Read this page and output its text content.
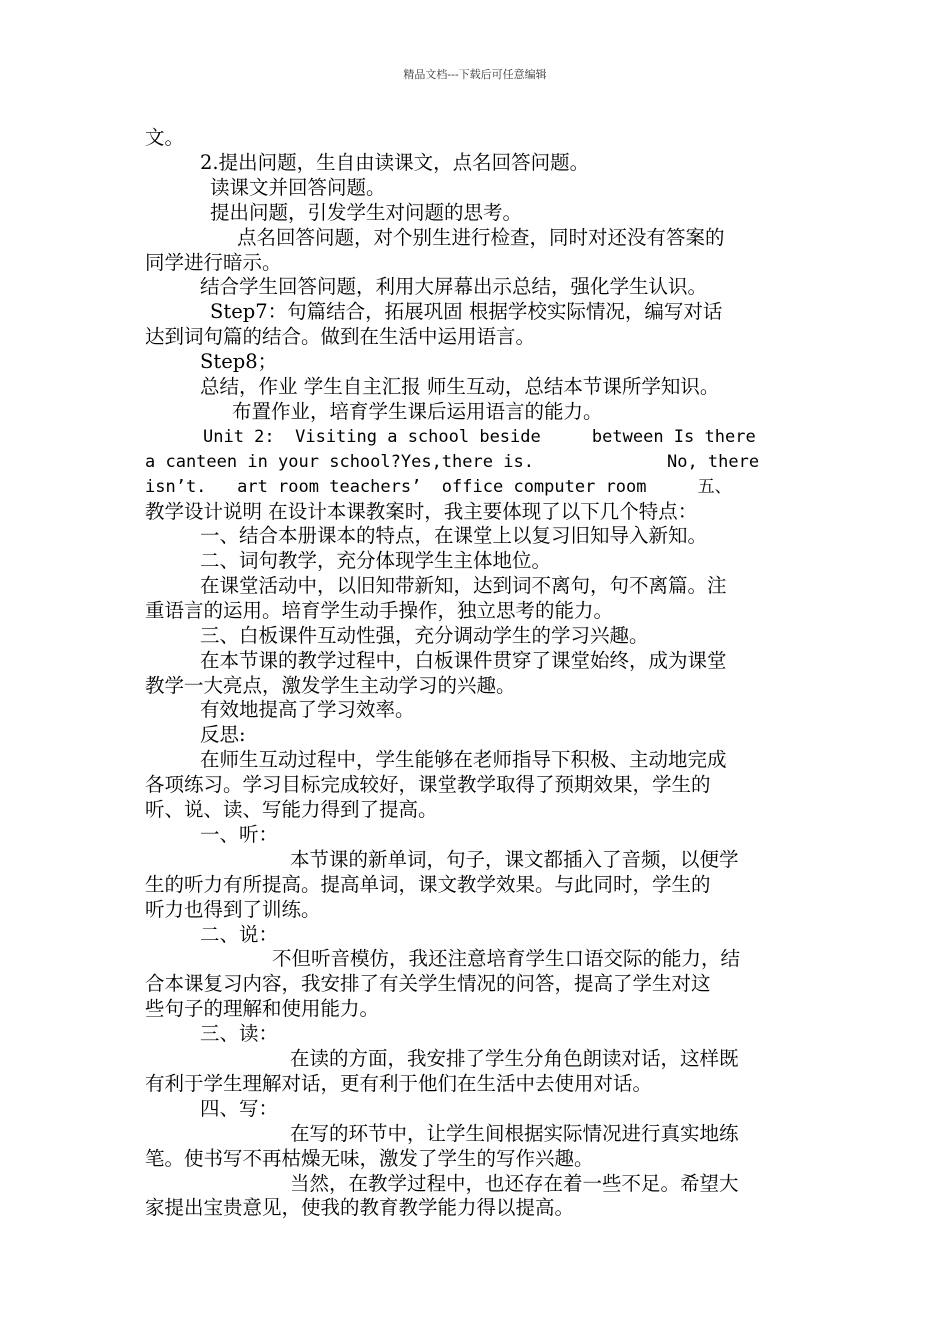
精品文档---下载后可任意编辑
文。
2.提出问题，生自由读课文，点名回答问题。
读课文并回答问题。
提出问题，引发学生对问题的思考。
点名回答问题，对个别生进行检查，同时对还没有答案的
同学进行暗示。
结合学生回答问题，利用大屏幕出示总结，强化学生认识。
Step7：句篇结合，拓展巩固 根据学校实际情况，编写对话
达到词句篇的结合。做到在生活中运用语言。
Step8；
总结，作业 学生自主汇报 师生互动，总结本节课所学知识。
布置作业，培育学生课后运用语言的能力。
Unit 2:  Visiting a school beside     between Is there
a canteen in your school?Yes,there is.             No, there
isn’t.   art room teachers’  office computer room     五、
教学设计说明 在设计本课教案时，我主要体现了以下几个特点：
一、结合本册课本的特点，在课堂上以复习旧知导入新知。
二、词句教学，充分体现学生主体地位。
在课堂活动中，以旧知带新知，达到词不离句，句不离篇。注
重语言的运用。培育学生动手操作，独立思考的能力。
三、白板课件互动性强，充分调动学生的学习兴趣。
在本节课的教学过程中，白板课件贯穿了课堂始终，成为课堂
教学一大亮点，激发学生主动学习的兴趣。
有效地提高了学习效率。
反思:
在师生互动过程中，学生能够在老师指导下积极、主动地完成
各项练习。学习目标完成较好，课堂教学取得了预期效果，学生的
听、说、读、写能力得到了提高。
一、听：
本节课的新单词，句子，课文都插入了音频，以便学
生的听力有所提高。提高单词，课文教学效果。与此同时，学生的
听力也得到了训练。
二、说：
不但听音模仿，我还注意培育学生口语交际的能力，结
合本课复习内容，我安排了有关学生情况的问答，提高了学生对这
些句子的理解和使用能力。
三、读：
在读的方面，我安排了学生分角色朗读对话，这样既
有利于学生理解对话，更有利于他们在生活中去使用对话。
四、写：
在写的环节中，让学生间根据实际情况进行真实地练
笔。使书写不再枯燥无味，激发了学生的写作兴趣。
当然，在教学过程中，也还存在着一些不足。希望大
家提出宝贵意见，使我的教育教学能力得以提高。
